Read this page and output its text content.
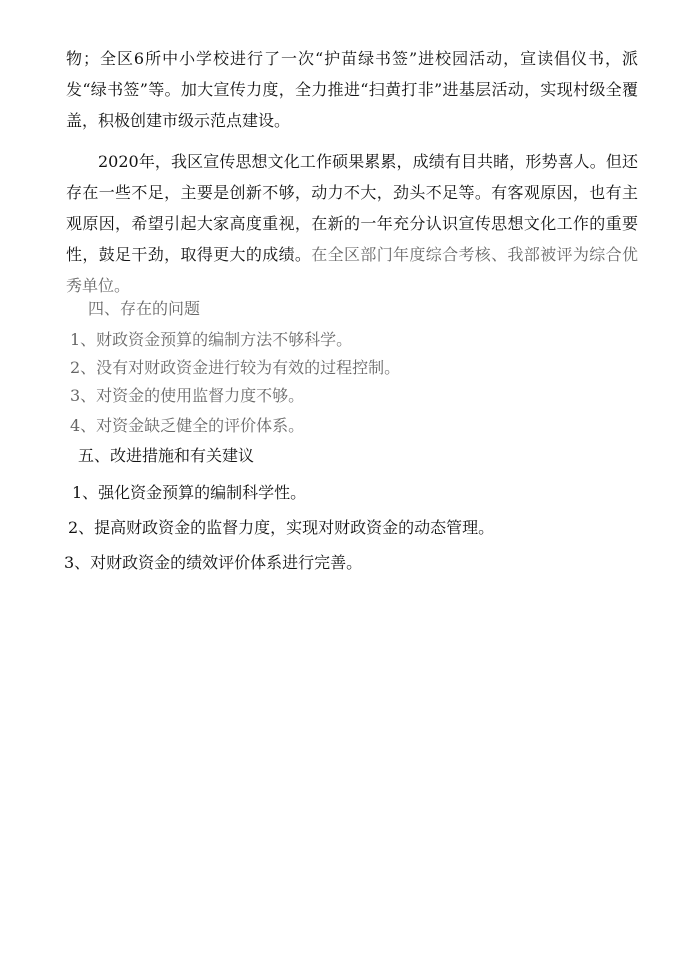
物；全区6所中小学校进行了一次“护苗绿书签”进校园活动，宣读倡仪书，派发“绿书签”等。加大宣传力度，全力推进“扫黄打非”进基层活动，实现村级全覆盖，积极创建市级示范点建设。
2020年，我区宣传思想文化工作硕果累累，成绩有目共睹，形势喜人。但还存在一些不足，主要是创新不够，动力不大，劲头不足等。有客观原因，也有主观原因，希望引起大家高度重视，在新的一年充分认识宣传思想文化工作的重要性，鼓足干劲，取得更大的成绩。在全区部门年度综合考核、我部被评为综合优秀单位。
四、存在的问题
1、财政资金预算的编制方法不够科学。
2、没有对财政资金进行较为有效的过程控制。
3、对资金的使用监督力度不够。
4、对资金缺乏健全的评价体系。
五、改进措施和有关建议
1、强化资金预算的编制科学性。
2、提高财政资金的监督力度，实现对财政资金的动态管理。
3、对财政资金的绩效评价体系进行完善。
